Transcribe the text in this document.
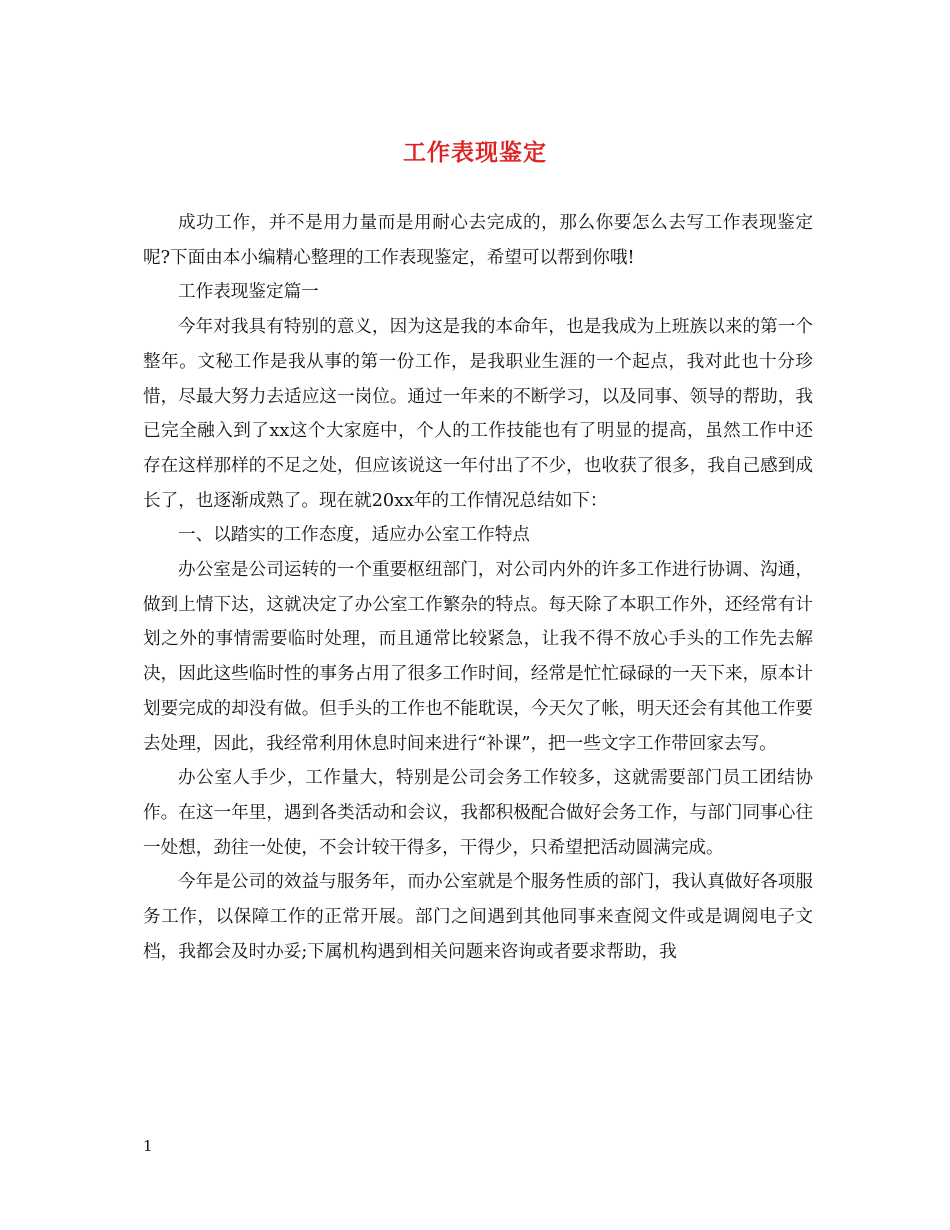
工作表现鉴定

成功工作，并不是用力量而是用耐心去完成的，那么你要怎么去写工作表现鉴定呢?下面由本小编精心整理的工作表现鉴定，希望可以帮到你哦!

工作表现鉴定篇一

今年对我具有特别的意义，因为这是我的本命年，也是我成为上班族以来的第一个整年。文秘工作是我从事的第一份工作，是我职业生涯的一个起点，我对此也十分珍惜，尽最大努力去适应这一岗位。通过一年来的不断学习，以及同事、领导的帮助，我已完全融入到了xx这个大家庭中，个人的工作技能也有了明显的提高，虽然工作中还存在这样那样的不足之处，但应该说这一年付出了不少，也收获了很多，我自己感到成长了，也逐渐成熟了。现在就20xx年的工作情况总结如下：

一、以踏实的工作态度，适应办公室工作特点

办公室是公司运转的一个重要枢纽部门，对公司内外的许多工作进行协调、沟通，做到上情下达，这就决定了办公室工作繁杂的特点。每天除了本职工作外，还经常有计划之外的事情需要临时处理，而且通常比较紧急，让我不得不放心手头的工作先去解决，因此这些临时性的事务占用了很多工作时间，经常是忙忙碌碌的一天下来，原本计划要完成的却没有做。但手头的工作也不能耽误，今天欠了帐，明天还会有其他工作要去处理，因此，我经常利用休息时间来进行“补课”，把一些文字工作带回家去写。

办公室人手少，工作量大，特别是公司会务工作较多，这就需要部门员工团结协作。在这一年里，遇到各类活动和会议，我都积极配合做好会务工作，与部门同事心往一处想，劲往一处使，不会计较干得多，干得少，只希望把活动圆满完成。

今年是公司的效益与服务年，而办公室就是个服务性质的部门，我认真做好各项服务工作，以保障工作的正常开展。部门之间遇到其他同事来查阅文件或是调阅电子文档，我都会及时办妥;下属机构遇到相关问题来咨询或者要求帮助，我

1
